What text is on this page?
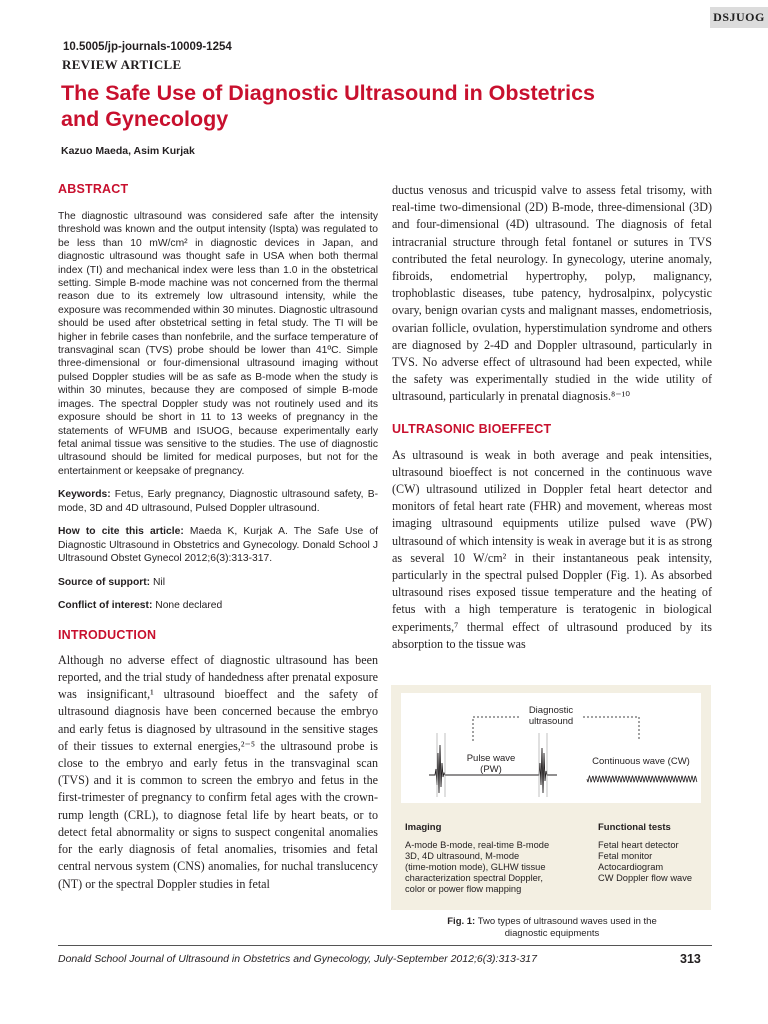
DSJUOG
10.5005/jp-journals-10009-1254
REVIEW ARTICLE
The Safe Use of Diagnostic Ultrasound in Obstetrics and Gynecology
Kazuo Maeda, Asim Kurjak
ABSTRACT

The diagnostic ultrasound was considered safe after the intensity threshold was known and the output intensity (Ispta) was regulated to be less than 10 mW/cm² in diagnostic devices in Japan, and diagnostic ultrasound was thought safe in USA when both thermal index (TI) and mechanical index were less than 1.0 in the obstetrical setting. Simple B-mode machine was not concerned from the thermal reason due to its extremely low ultrasound intensity, while the exposure was recommended within 30 minutes. Diagnostic ultrasound should be used after obstetrical setting in fetal study. The TI will be higher in febrile cases than nonfebrile, and the surface temperature of transvaginal scan (TVS) probe should be lower than 41ºC. Simple three-dimensional or four-dimensional ultrasound imaging without pulsed Doppler studies will be as safe as B-mode when the study is within 30 minutes, because they are composed of simple B-mode images. The spectral Doppler study was not routinely used and its exposure should be short in 11 to 13 weeks of pregnancy in the statements of WFUMB and ISUOG, because experimentally early fetal animal tissue was sensitive to the studies. The use of diagnostic ultrasound should be limited for medical purposes, but not for the entertainment or keepsake of pregnancy.

Keywords: Fetus, Early pregnancy, Diagnostic ultrasound safety, B-mode, 3D and 4D ultrasound, Pulsed Doppler ultrasound.

How to cite this article: Maeda K, Kurjak A. The Safe Use of Diagnostic Ultrasound in Obstetrics and Gynecology. Donald School J Ultrasound Obstet Gynecol 2012;6(3):313-317.

Source of support: Nil

Conflict of interest: None declared

INTRODUCTION

Although no adverse effect of diagnostic ultrasound has been reported, and the trial study of handedness after prenatal exposure was insignificant,¹ ultrasound bioeffect and the safety of ultrasound diagnosis have been concerned because the embryo and early fetus is diagnosed by ultrasound in the sensitive stages of their tissues to external energies,²⁻⁵ the ultrasound probe is close to the embryo and early fetus in the transvaginal scan (TVS) and it is common to screen the embryo and fetus in the first-trimester of pregnancy to confirm fetal ages with the crown-rump length (CRL), to diagnose fetal life by heart beats, or to detect fetal abnormality or signs to suspect congenital anomalies for the early diagnosis of fetal anomalies, trisomies and fetal central nervous system (CNS) anomalies, for nuchal translucency (NT) or the spectral Doppler studies in fetal

ductus venosus and tricuspid valve to assess fetal trisomy, with real-time two-dimensional (2D) B-mode, three-dimensional (3D) and four-dimensional (4D) ultrasound. The diagnosis of fetal intracranial structure through fetal fontanel or sutures in TVS contributed the fetal neurology. In gynecology, uterine anomaly, fibroids, endometrial hypertrophy, polyp, malignancy, trophoblastic diseases, tube patency, hydrosalpinx, polycystic ovary, benign ovarian cysts and malignant masses, endometriosis, ovarian follicle, ovulation, hyperstimulation syndrome and others are diagnosed by 2-4D and Doppler ultrasound, particularly in TVS. No adverse effect of ultrasound had been expected, while the safety was experimentally studied in the wide utility of ultrasound, particularly in prenatal diagnosis.⁸⁻¹⁰

ULTRASONIC BIOEFFECT

As ultrasound is weak in both average and peak intensities, ultrasound bioeffect is not concerned in the continuous wave (CW) ultrasound utilized in Doppler fetal heart detector and monitors of fetal heart rate (FHR) and movement, whereas most imaging ultrasound equipments utilize pulsed wave (PW) ultrasound of which intensity is weak in average but it is as strong as several 10 W/cm² in their instantaneous peak intensity, particularly in the spectral pulsed Doppler (Fig. 1). As absorbed ultrasound rises exposed tissue temperature and the heating of fetus with a high temperature is teratogenic in biological experiments,⁷ thermal effect of ultrasound produced by its absorption to the tissue was

Diagnostic
ultrasound
Pulse wave
(PW)
Continuous wave (CW)
Imaging
A-mode B-mode, real-time B-mode
3D, 4D ultrasound, M-mode
(time-motion mode), GLHW tissue
characterization spectral Doppler,
color or power flow mapping
Functional tests
Fetal heart detector
Fetal monitor
Actocardiogram
CW Doppler flow wave
Fig. 1: Two types of ultrasound waves used in the
diagnostic equipments
Donald School Journal of Ultrasound in Obstetrics and Gynecology, July-September 2012;6(3):313-317	313
